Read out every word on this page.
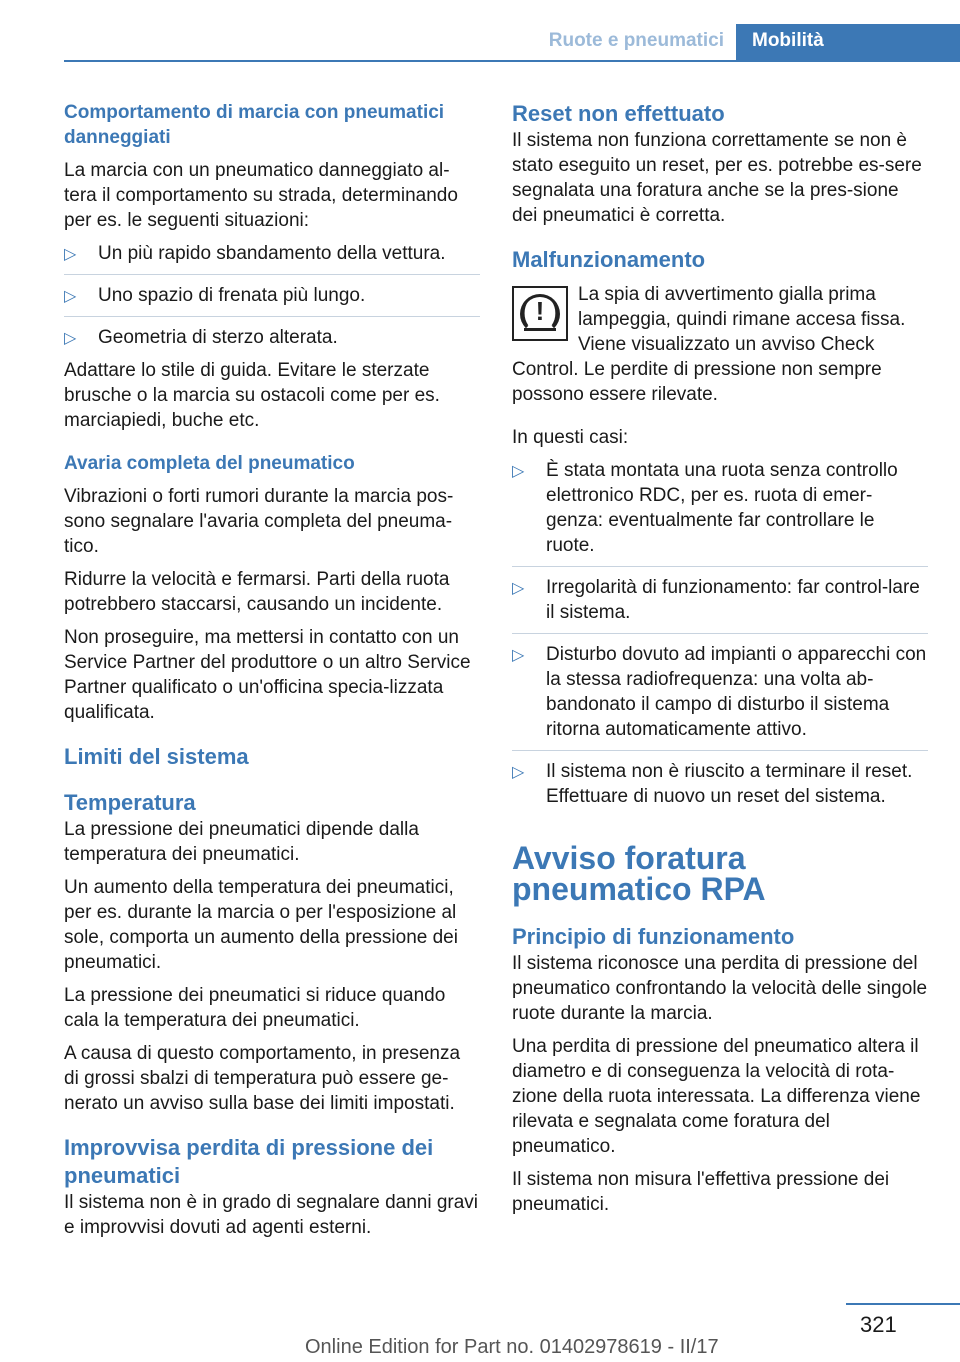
Ruote e pneumatici	Mobilità
Comportamento di marcia con pneumatici danneggiati

La marcia con un pneumatico danneggiato al-tera il comportamento su strada, determinando per es. le seguenti situazioni:

▷ Un più rapido sbandamento della vettura.
▷ Uno spazio di frenata più lungo.
▷ Geometria di sterzo alterata.

Adattare lo stile di guida. Evitare le sterzate brusche o la marcia su ostacoli come per es. marciapiedi, buche etc.

Avaria completa del pneumatico

Vibrazioni o forti rumori durante la marcia pos-sono segnalare l'avaria completa del pneuma-tico.

Ridurre la velocità e fermarsi. Parti della ruota potrebbero staccarsi, causando un incidente.

Non proseguire, ma mettersi in contatto con un Service Partner del produttore o un altro Service Partner qualificato o un'officina specia-lizzata qualificata.

Limiti del sistema
Temperatura

La pressione dei pneumatici dipende dalla temperatura dei pneumatici.

Un aumento della temperatura dei pneumatici, per es. durante la marcia o per l'esposizione al sole, comporta un aumento della pressione dei pneumatici.

La pressione dei pneumatici si riduce quando cala la temperatura dei pneumatici.

A causa di questo comportamento, in presenza di grossi sbalzi di temperatura può essere ge-nerato un avviso sulla base dei limiti impostati.

Improvvisa perdita di pressione dei pneumatici

Il sistema non è in grado di segnalare danni gravi e improvvisi dovuti ad agenti esterni.

Reset non effettuato

Il sistema non funziona correttamente se non è stato eseguito un reset, per es. potrebbe es-sere segnalata una foratura anche se la pres-sione dei pneumatici è corretta.

Malfunzionamento
( ! )

La spia di avvertimento gialla prima lampeggia, quindi rimane accesa fissa. Viene visualizzato un avviso Check Control. Le perdite di pressione non sempre possono essere rilevate.

In questi casi:

▷ È stata montata una ruota senza controllo elettronico RDC, per es. ruota di emer-genza: eventualmente far controllare le ruote.
▷ Irregolarità di funzionamento: far control-lare il sistema.
▷ Disturbo dovuto ad impianti o apparecchi con la stessa radiofrequenza: una volta ab-bandonato il campo di disturbo il sistema ritorna automaticamente attivo.
▷ Il sistema non è riuscito a terminare il reset. Effettuare di nuovo un reset del sistema.
Avviso foratura pneumatico RPA
Principio di funzionamento

Il sistema riconosce una perdita di pressione del pneumatico confrontando la velocità delle singole ruote durante la marcia.

Una perdita di pressione del pneumatico altera il diametro e di conseguenza la velocità di rota-zione della ruota interessata. La differenza viene rilevata e segnalata come foratura del pneumatico.

Il sistema non misura l'effettiva pressione dei pneumatici.

321
Online Edition for Part no. 01402978619 - II/17
